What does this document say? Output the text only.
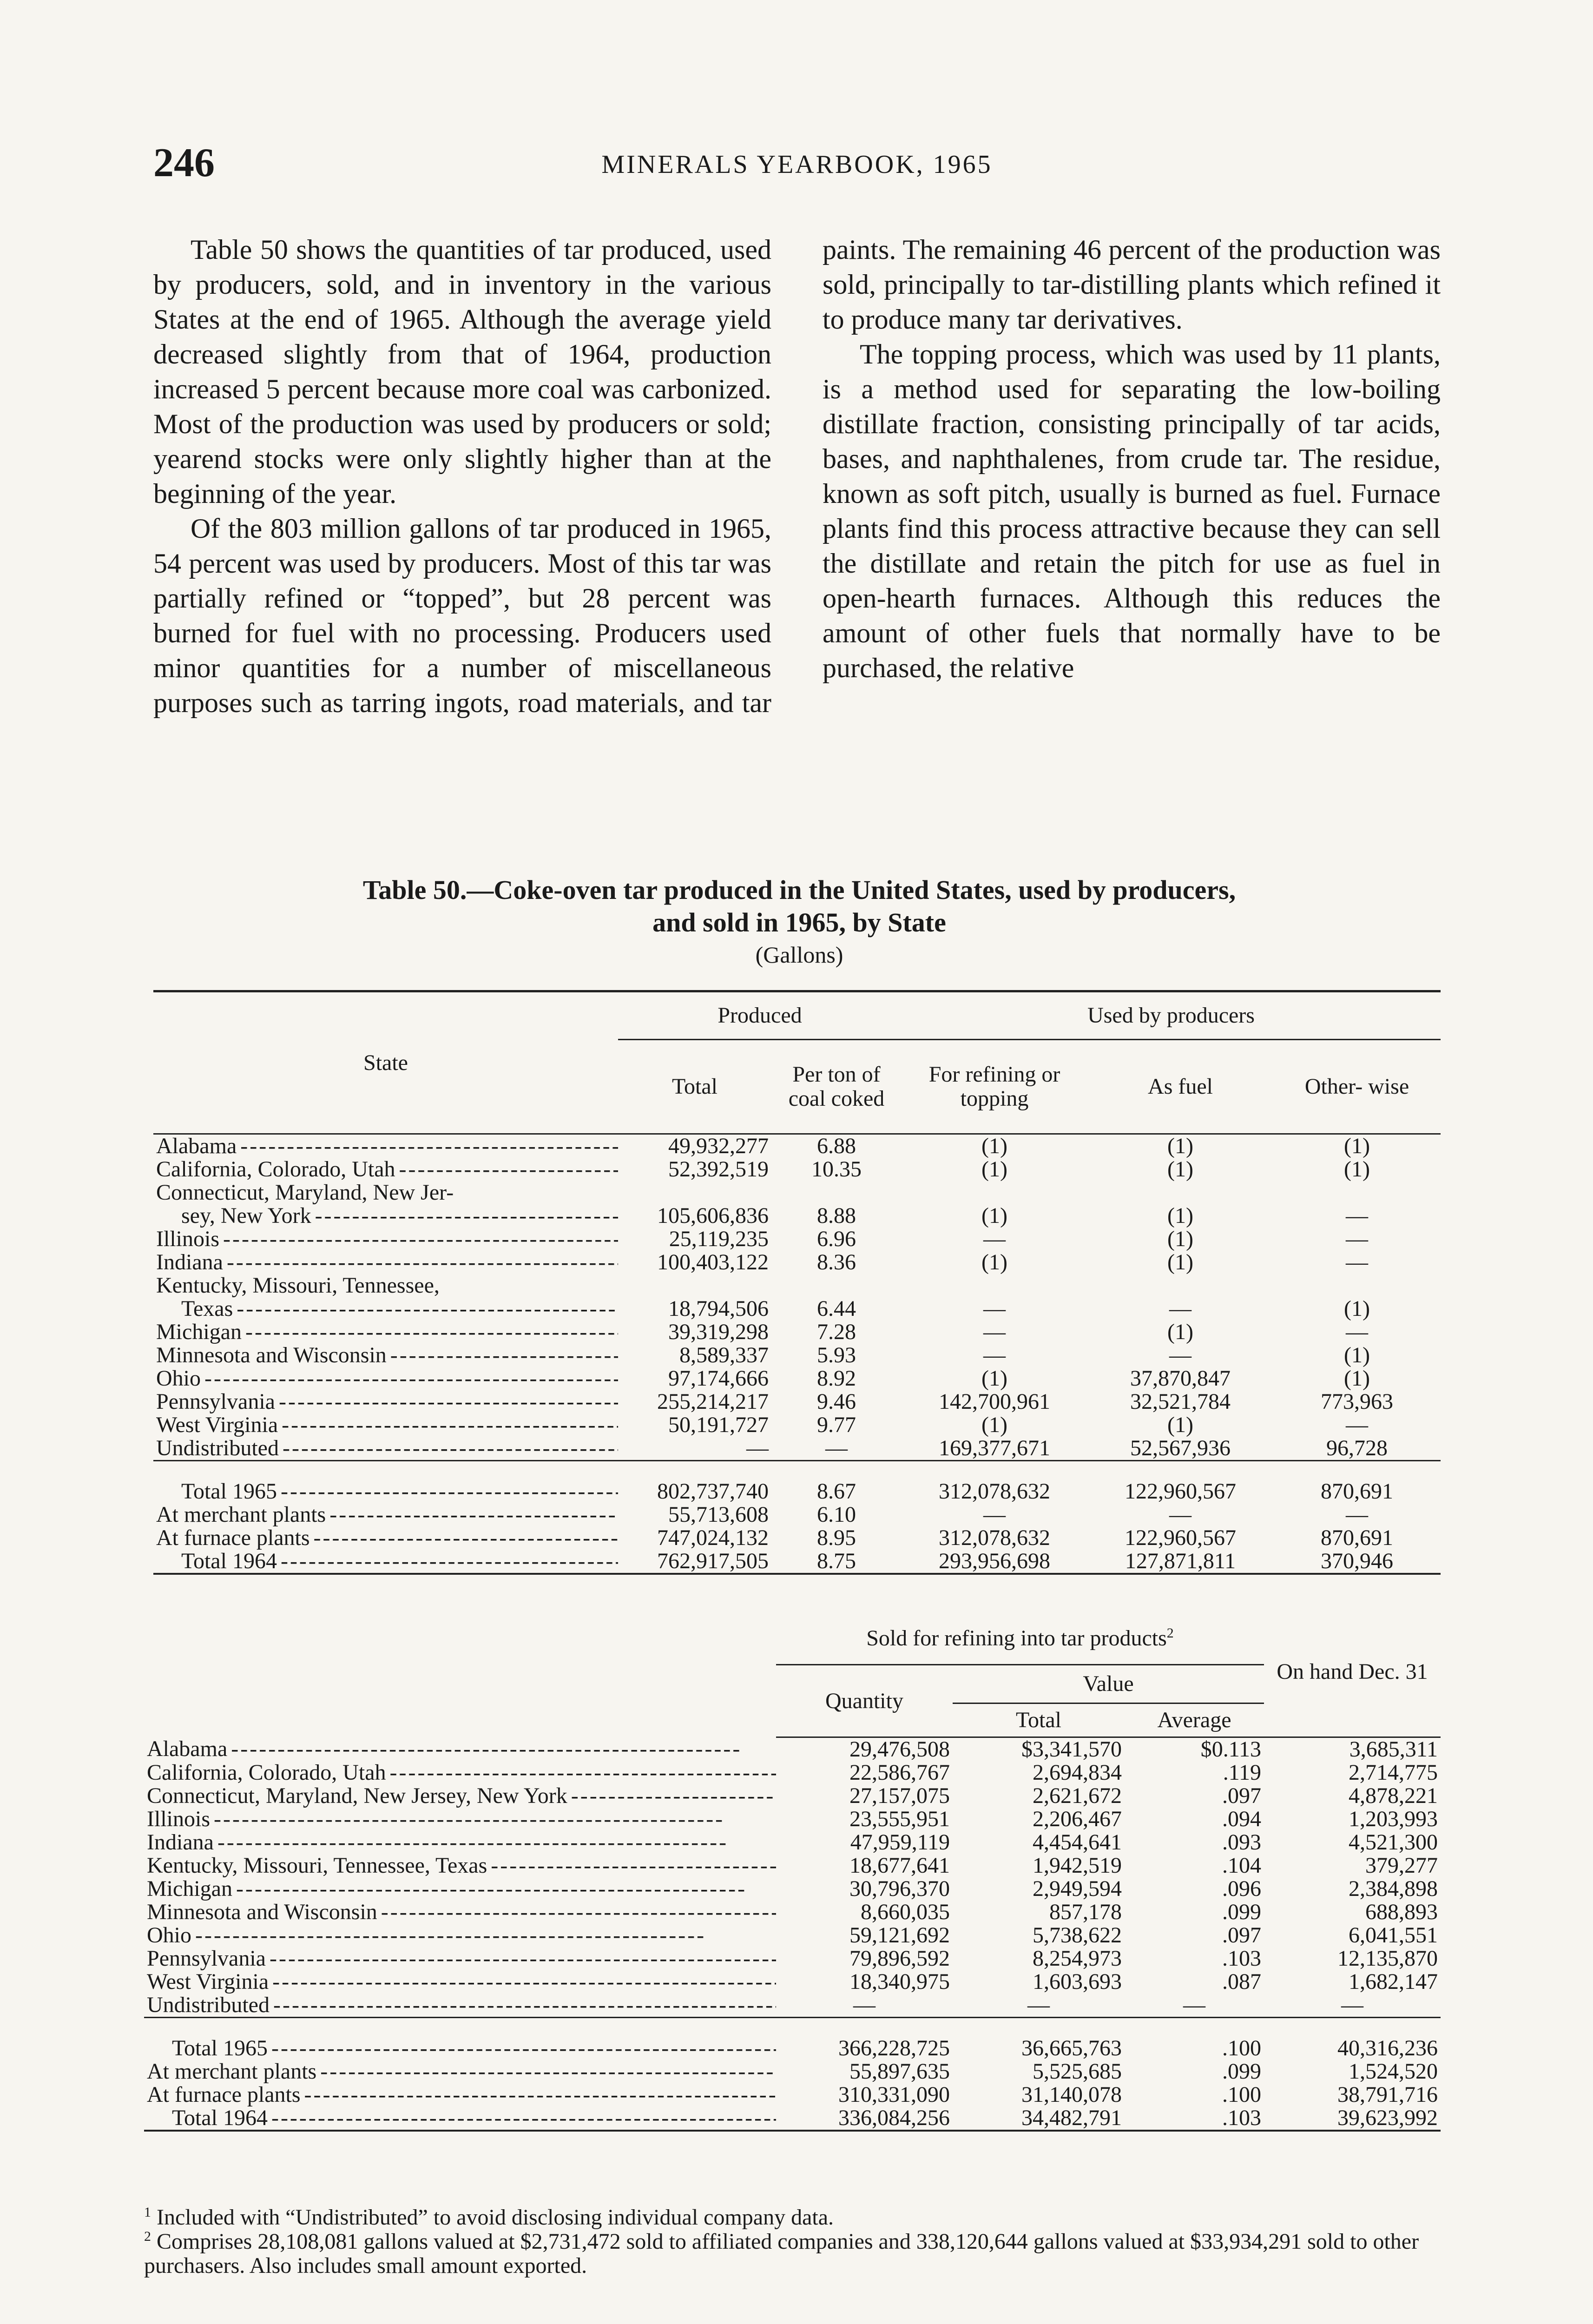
246	MINERALS YEARBOOK, 1965

Table 50 shows the quantities of tar produced, used by producers, sold, and in inventory in the various States at the end of 1965. Although the average yield decreased slightly from that of 1964, production increased 5 percent because more coal was carbonized. Most of the production was used by producers or sold; yearend stocks were only slightly higher than at the beginning of the year.

Of the 803 million gallons of tar produced in 1965, 54 percent was used by producers. Most of this tar was partially refined or “topped”, but 28 percent was burned for fuel with no processing. Producers used minor quantities for a number of miscellaneous purposes such as tarring ingots, road materials, and tar paints. The remaining 46 percent of the production was sold, principally to tar-distilling plants which refined it to produce many tar derivatives.

The topping process, which was used by 11 plants, is a method used for separating the low-boiling distillate fraction, consisting principally of tar acids, bases, and naphthalenes, from crude tar. The residue, known as soft pitch, usually is burned as fuel. Furnace plants find this process attractive because they can sell the distillate and retain the pitch for use as fuel in open-hearth furnaces. Although this reduces the amount of other fuels that normally have to be purchased, the relative

Table 50.—Coke-oven tar produced in the United States, used by producers,
and sold in 1965, by State
(Gallons)
State	Produced		Used by producers		
	Total	Per ton of coal coked	For refining or topping	As fuel	Other- wise
Alabama - - -	49,932,277	6.88	(1)	(1)	(1)
California, Colorado, Utah - - -	52,392,519	10.35	(1)	(1)	(1)
Connecticut, Maryland, New Jer-					
sey, New York - - -	105,606,836	8.88	(1)	(1)	—
Illinois - - -	25,119,235	6.96	—	(1)	—
Indiana - - -	100,403,122	8.36	(1)	(1)	—
Kentucky, Missouri, Tennessee,					
Texas - - -	18,794,506	6.44	—	—	(1)
Michigan - - -	39,319,298	7.28	—	(1)	—
Minnesota and Wisconsin - - -	8,589,337	5.93	—	—	(1)
Ohio - - -	97,174,666	8.92	(1)	37,870,847	(1)
Pennsylvania - - -	255,214,217	9.46	142,700,961	32,521,784	773,963
West Virginia - - -	50,191,727	9.77	(1)	(1)	—
Undistributed - - -	—	—	169,377,671	52,567,936	96,728
Total 1965 - - -	802,737,740	8.67	312,078,632	122,960,567	870,691
At merchant plants - - -	55,713,608	6.10	—	—	—
At furnace plants - - -	747,024,132	8.95	312,078,632	122,960,567	870,691
Total 1964 - - -	762,917,505	8.75	293,956,698	127,871,811	370,946
	Sold for refining into tar products$^2$			On hand Dec. 31
	Quantity	Value		
		Total	Average	
Alabama - - -	29,476,508	$3,341,570	$0.113	3,685,311
California, Colorado, Utah - - -	22,586,767	2,694,834	.119	2,714,775
Connecticut, Maryland, New Jersey, New York - - -	27,157,075	2,621,672	.097	4,878,221
Illinois - - -	23,555,951	2,206,467	.094	1,203,993
Indiana - - -	47,959,119	4,454,641	.093	4,521,300
Kentucky, Missouri, Tennessee, Texas - - -	18,677,641	1,942,519	.104	379,277
Michigan - - -	30,796,370	2,949,594	.096	2,384,898
Minnesota and Wisconsin - - -	8,660,035	857,178	.099	688,893
Ohio - - -	59,121,692	5,738,622	.097	6,041,551
Pennsylvania - - -	79,896,592	8,254,973	.103	12,135,870
West Virginia - - -	18,340,975	1,603,693	.087	1,682,147
Undistributed - - -	—	—	—	—
Total 1965 - - -	366,228,725	36,665,763	.100	40,316,236
At merchant plants - - -	55,897,635	5,525,685	.099	1,524,520
At furnace plants - - -	310,331,090	31,140,078	.100	38,791,716
Total 1964 - - -	336,084,256	34,482,791	.103	39,623,992

$^1$ Included with “Undistributed” to avoid disclosing individual company data.

$^2$ Comprises 28,108,081 gallons valued at $2,731,472 sold to affiliated companies and 338,120,644 gallons valued at $33,934,291 sold to other purchasers. Also includes small amount exported.
